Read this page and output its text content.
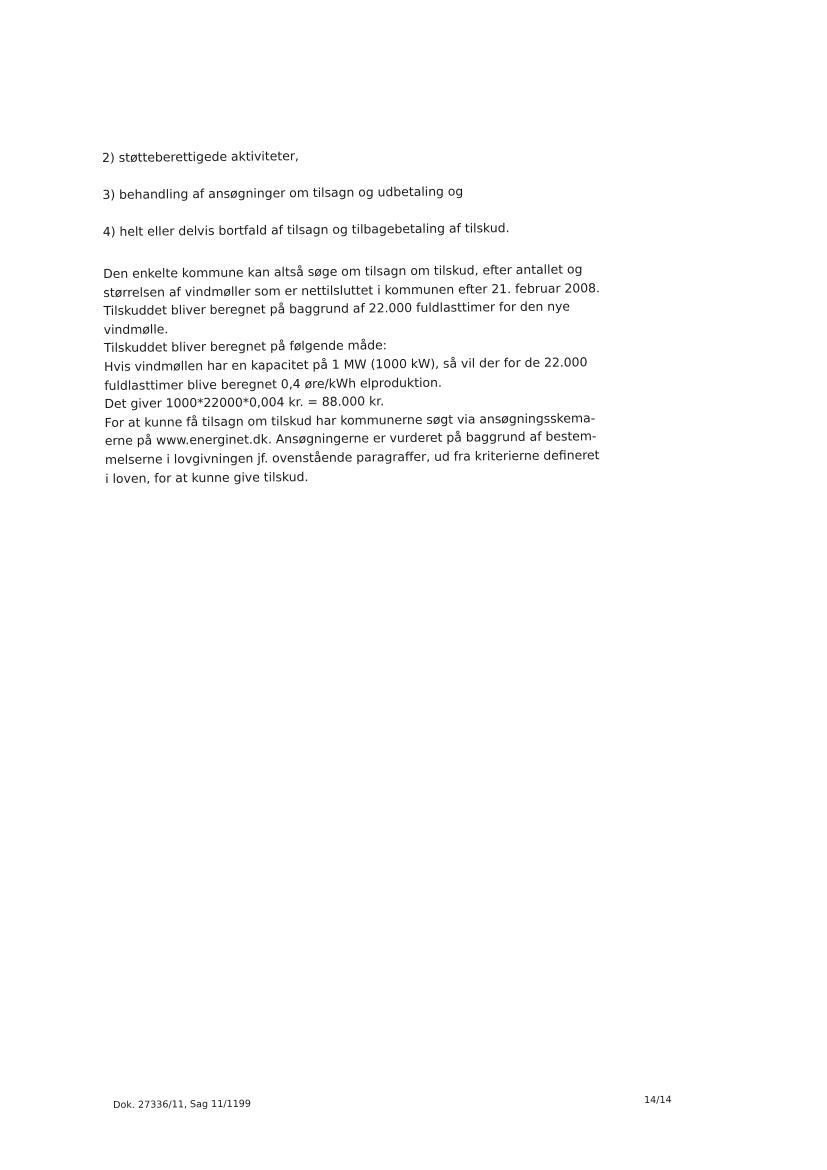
2) støtteberettigede aktiviteter,
3) behandling af ansøgninger om tilsagn og udbetaling og
4) helt eller delvis bortfald af tilsagn og tilbagebetaling af tilskud.
Den enkelte kommune kan altså søge om tilsagn om tilskud, efter antallet og
størrelsen af vindmøller som er nettilsluttet i kommunen efter 21. februar 2008.
Tilskuddet bliver beregnet på baggrund af 22.000 fuldlasttimer for den nye
vindmølle.
Tilskuddet bliver beregnet på følgende måde:
Hvis vindmøllen har en kapacitet på 1 MW (1000 kW), så vil der for de 22.000
fuldlasttimer blive beregnet 0,4 øre/kWh elproduktion.
Det giver 1000*22000*0,004 kr. = 88.000 kr.
For at kunne få tilsagn om tilskud har kommunerne søgt via ansøgningsskema-
erne på www.energinet.dk. Ansøgningerne er vurderet på baggrund af bestem-
melserne i lovgivningen jf. ovenstående paragraffer, ud fra kriterierne defineret
i loven, for at kunne give tilskud.
Dok. 27336/11, Sag 11/1199	14/14
